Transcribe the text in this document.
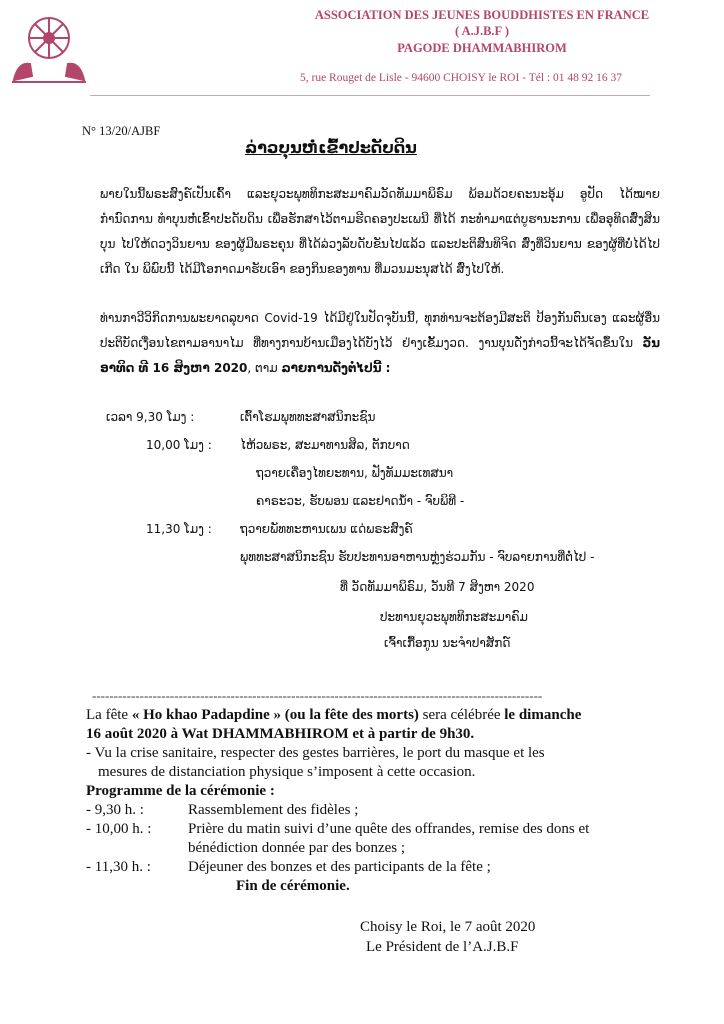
ASSOCIATION DES JEUNES BOUDDHISTES EN FRANCE
( A.J.B.F )
PAGODE DHAMMABHIROM
5, rue Rouget de Lisle - 94600 CHOISY le ROI - Tél : 01 48 92 16 37
N° 13/20/AJBF
ລ່າວບຸນຫໍ່ເຂົ້າປະດັບດິນ
ພາຍໃນນີ້ພຣະສົງຄ໌ເປັນເຄົ້າ ແລະຍຸວະພຸທທິກະສະມາຄົມວັດທັມມາພິຣົມ ພ້ອມດ້ວຍຄະນະອຸ້ມ ອູປັດ ໄດ້ໝາຍກຳນົດການ ທຳບຸນຫໍ່ເຂົ້າປະດັບດິນ ເພື່ອຮັກສາໄວ້ຕາມຮີດຄອງປະເພນີ ທີ່ໄດ້ ກະທຳມາແຕ່ບູຮານະການ ເພື່ອອຸທິດສົ່ງສິນບຸນ ໄປໃຫ້ດວງວິນຍານ ຂອງຜູ້ມີພຣະຄຸນ ທີ່ໄດ້ລ່ວງລັບດັບຂັນໄປແລ້ວ ແລະປະຕິສົນທິຈິດ ສົ່ງທີ່ວິນຍານ ຂອງຜູ້ທີ່ບໍ່ໄດ້ໄປເກີດ ໃນ ພິພົບນີ້ ໄດ້ມີໂອກາດມາຮັບເອົາ ຂອງກິນຂອງທານ ທີ່ມວນມະນຸສໄດ້ ສົ່ງໄປໃຫ້.
ທ່ານກາວີວິກິດການພະຍາດລຸບາດ Covid-19 ໄດ້ມີຢູ່ໃນປັດຈຸບັນນີ້, ທຸກທ່ານຈະຕ້ອງມີສະຕິ ປ້ອງກັນຕົນເອງ ແລະຜູ້ອື່ນ ປະຕິບັດເງື່ອນໄຂຕາມອານາໄມ ທີ່ທາງການບ້ານເມືອງໄດ້ບັງໄວ້ ຢ່າງເຂັ້ມງວດ. ງານບຸນດັ່ງກ່າວນີ້ຈະໄດ້ຈັດຂຶ້ນໃນ ວັນອາທິດ ທີ 16 ສິງຫາ 2020, ຕາມ ລາຍການດັ່ງຕໍ່ໄປນີ້ :
ເວລາ 9,30 ໂມງ :	ເຕົ້າໂຮມພຸທທະສາສນິກະຊົນ
10,00 ໂມງ : ໄຫ້ວພຣະ, ສະມາທານສິລ, ຕັກບາດ
ຖວາຍເຄື່ອງໄທຍະທານ, ຟັງທັມມະເທສນາ
ຄາຣະວະ, ຮັບພອນ ແລະຢາດນ້ຳ - ຈົບພິທີ -
11,30 ໂມງ : ຖວາຍພັທທະຫານເພນ ແດ່ພຣະສົງຄ໌
ພຸທທະສາສນິກະຊົນ ຮັບປະທານອາຫານຫຼ່ງຮ່ວມກັນ - ຈົບລາຍການທີ່ຕໍ່ໄປ -
ທີ່ ວັດທັມມາພິຣົມ, ວັນທີ 7 ສິງຫາ 2020
ປະທານຍຸວະພຸທທິກະສະມາຄົມ
ເຈົ້າເກື້ອກູນ ນະຈຳປາສັກດ໌
--------------------------------------------------------------------------------------------------------
La fête « Ho khao Padapdine » (ou la fête des morts) sera célébrée le dimanche
16 août 2020 à Wat DHAMMABHIROM et à partir de 9h30.
- Vu la crise sanitaire, respecter des gestes barrières, le port du masque et les
mesures de distanciation physique s’imposent à cette occasion.
Programme de la cérémonie :
- 9,30 h. :	Rassemblement des fidèles ;
- 10,00 h. : Prière du matin suivi d’une quête des offrandes, remise des dons et
bénédiction donnée par des bonzes ;
- 11,30 h. : Déjeuner des bonzes et des participants de la fête ;
Fin de cérémonie.
Choisy le Roi, le 7 août 2020
Le Président de l’A.J.B.F
